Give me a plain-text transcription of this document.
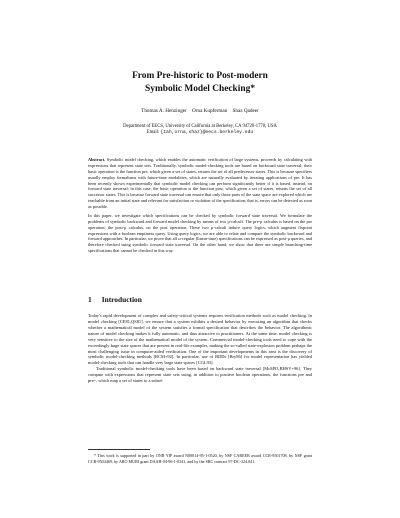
From Pre-historic to Post-modern
Symbolic Model Checking*
Thomas A. Henzinger    Orna Kupferman    Shaz Qadeer
Department of EECS, University of California at Berkeley, CA 94720-1770, USA
Email: {tah,orna,shaz}@eecs.berkeley.edu

Abstract. Symbolic model checking, which enables the automatic verification of large systems, proceeds by calculating with expressions that represent state sets. Traditionally, symbolic model-checking tools are based on backward state traversal; their basic operation is the function pre, which given a set of states, returns the set of all predecessor states. This is because specifiers usually employ formalisms with future-time modalities, which are naturally evaluated by iterating applications of pre. It has been recently shown experimentally that symbolic model checking can perform significantly better if it is based, instead, on forward state traversal; in this case, the basic operation is the function post, which given a set of states, returns the set of all successor states. This is because forward state traversal can ensure that only those parts of the state space are explored which are reachable from an initial state and relevant for satisfaction or violation of the specification; that is, errors can be detected as soon as possible.

In this paper, we investigate which specifications can be checked by symbolic forward state traversal. We formulate the problems of symbolic backward and forward model checking by means of two μ-calculi. The pre-μ calculus is based on the pre operation; the post-μ calculus, on the post operation. These two μ-calculi induce query logics, which augment fixpoint expressions with a boolean emptiness query. Using query logics, we are able to relate and compare the symbolic backward and forward approaches. In particular, we prove that all ω-regular (linear-time) specifications can be expressed as post-μ queries, and therefore checked using symbolic forward state traversal. On the other hand, we show that there are simple branching-time specifications that cannot be checked in this way.

1 Introduction

Today's rapid development of complex and safety-critical systems requires verification methods such as model checking. In model checking [CE81,QS81], we ensure that a system exhibits a desired behavior by executing an algorithm that checks whether a mathematical model of the system satisfies a formal specification that describes the behavior. The algorithmic nature of model checking makes it fully automatic, and thus attractive to practitioners. At the same time, model checking is very sensitive to the size of the mathematical model of the system. Commercial model-checking tools need to cope with the exceedingly large state spaces that are present in real-life examples, making the so-called state-explosion problem perhaps the most challenging issue in computer-aided verification. One of the important developments in this area is the discovery of symbolic model-checking methods [BCM+92]. In particular, use of BDDs [Bry86] for model representation has yielded model-checking tools that can handle very large state spaces [CGL93].

Traditional symbolic model-checking tools have been based on backward state traversal [McM93,BHSV+96]. They compute with expressions that represent state sets using, in addition to positive boolean operations, the functions pre and pre~, which map a set of states to a subset

* This work is supported in part by ONR YIP award N00014-95-1-0520, by NSF CAREER award CCR-9501708, by NSF grant CCR-9504469, by ARO MURI grant DAAH-04-96-1-0341, and by the SRC contract 97-DC-324.041.
